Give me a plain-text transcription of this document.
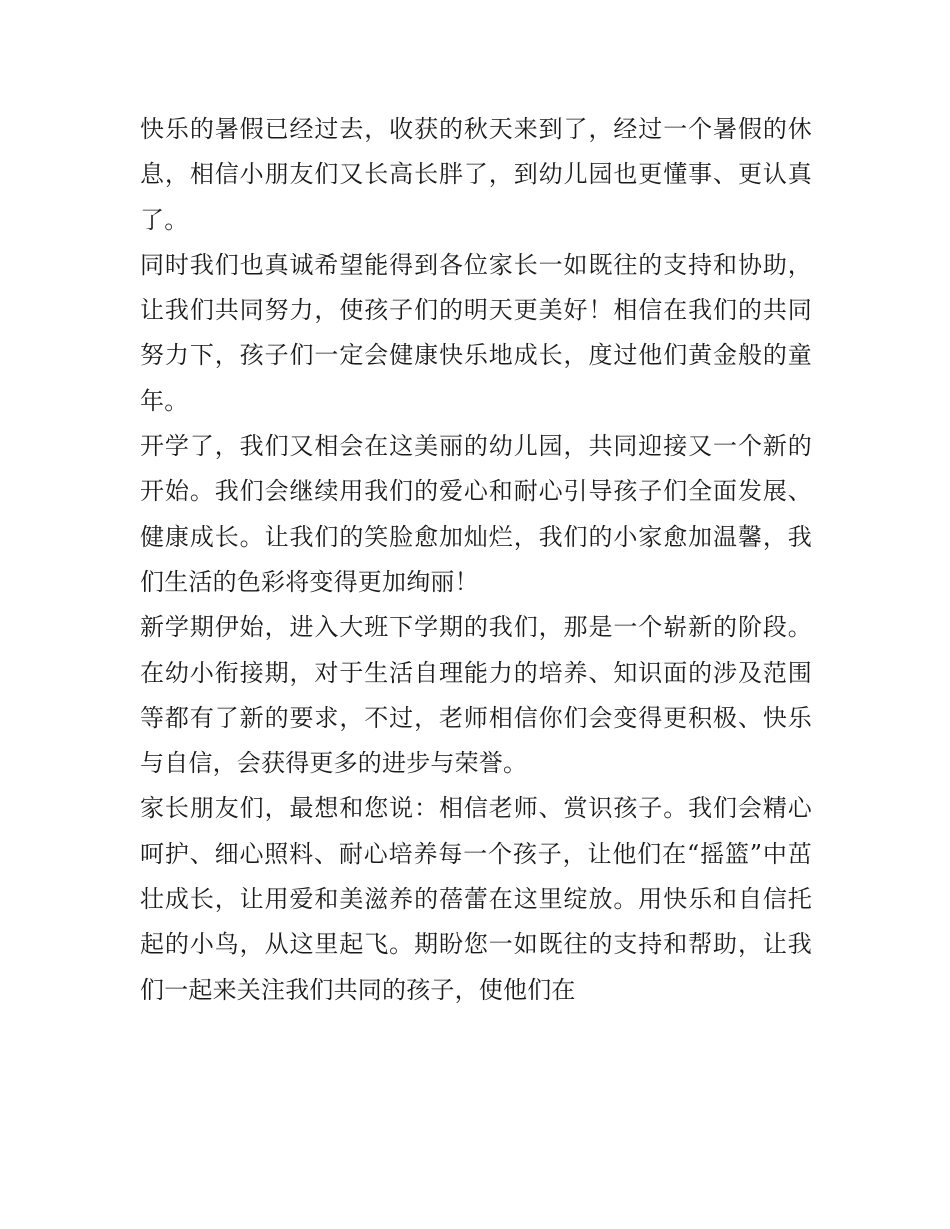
快乐的暑假已经过去，收获的秋天来到了，经过一个暑假的休息，相信小朋友们又长高长胖了，到幼儿园也更懂事、更认真了。

同时我们也真诚希望能得到各位家长一如既往的支持和协助，让我们共同努力，使孩子们的明天更美好！相信在我们的共同努力下，孩子们一定会健康快乐地成长，度过他们黄金般的童年。

开学了，我们又相会在这美丽的幼儿园，共同迎接又一个新的开始。我们会继续用我们的爱心和耐心引导孩子们全面发展、健康成长。让我们的笑脸愈加灿烂，我们的小家愈加温馨，我们生活的色彩将变得更加绚丽！

新学期伊始，进入大班下学期的我们，那是一个崭新的阶段。在幼小衔接期，对于生活自理能力的培养、知识面的涉及范围等都有了新的要求，不过，老师相信你们会变得更积极、快乐与自信，会获得更多的进步与荣誉。

家长朋友们，最想和您说：相信老师、赏识孩子。我们会精心呵护、细心照料、耐心培养每一个孩子，让他们在“摇篮”中茁壮成长，让用爱和美滋养的蓓蕾在这里绽放。用快乐和自信托起的小鸟，从这里起飞。期盼您一如既往的支持和帮助，让我们一起来关注我们共同的孩子，使他们在
